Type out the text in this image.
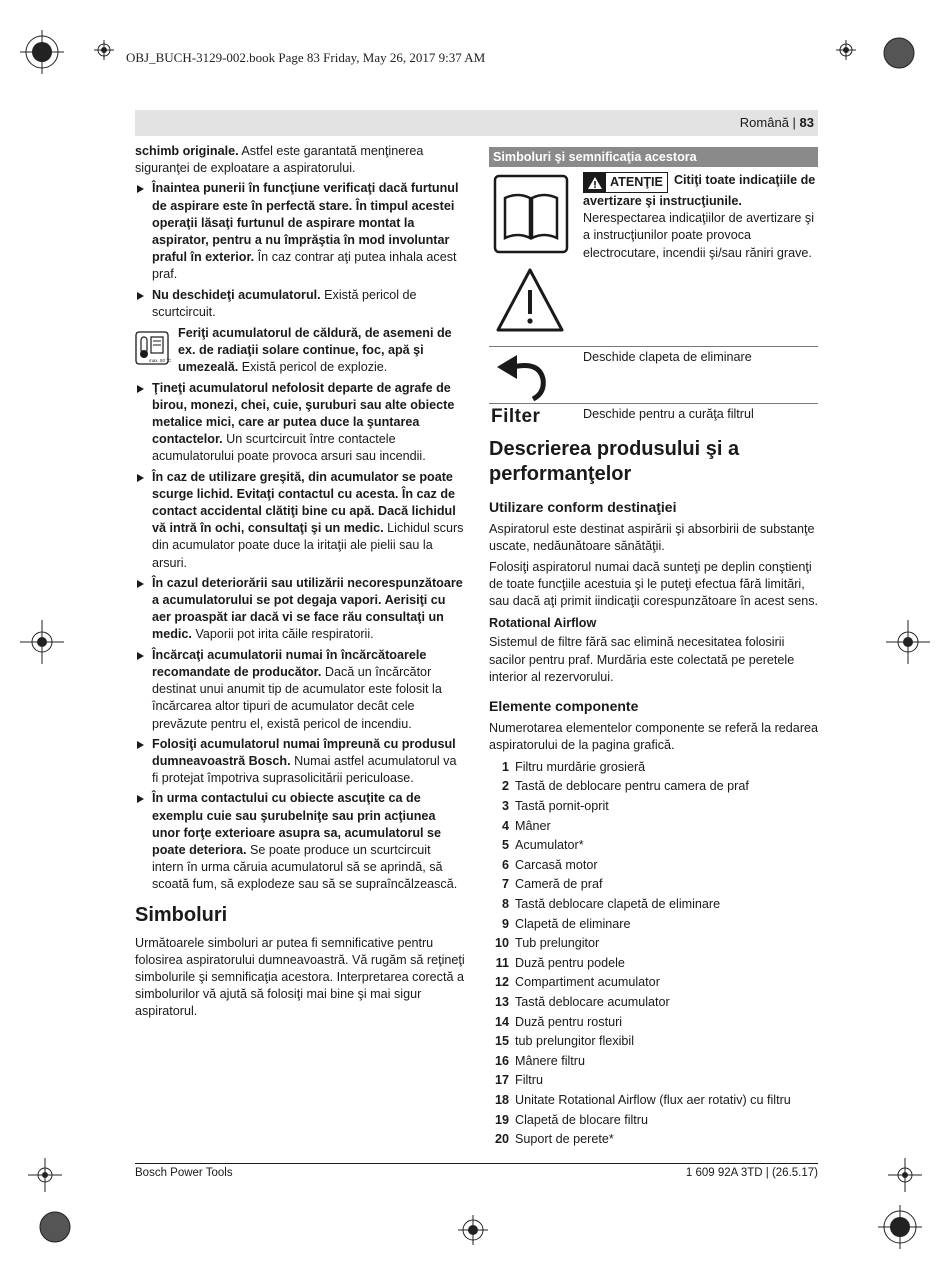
OBJ_BUCH-3129-002.book Page 83 Friday, May 26, 2017 9:37 AM
Română | 83

schimb originale. Astfel este garantată menţinerea siguranţei de exploatare a aspiratorului.

Înaintea punerii în funcţiune verificaţi dacă furtunul de aspirare este în perfectă stare. În timpul acestei operaţii lăsaţi furtunul de aspirare montat la aspirator, pentru a nu împrăştia în mod involuntar praful în exterior. În caz contrar aţi putea inhala acest praf.
Nu deschideţi acumulatorul. Există pericol de scurtcircuit.
max. 50 °C
Feriţi acumulatorul de căldură, de asemeni de ex. de radiaţii solare continue, foc, apă şi umezeală. Există pericol de explozie.
Ţineţi acumulatorul nefolosit departe de agrafe de birou, monezi, chei, cuie, şuruburi sau alte obiecte metalice mici, care ar putea duce la şuntarea contactelor. Un scurtcircuit între contactele acumulatorului poate provoca arsuri sau incendii.
În caz de utilizare greşită, din acumulator se poate scurge lichid. Evitaţi contactul cu acesta. În caz de contact accidental clătiţi bine cu apă. Dacă lichidul vă intră în ochi, consultaţi şi un medic. Lichidul scurs din acumulator poate duce la iritaţii ale pielii sau la arsuri.
În cazul deteriorării sau utilizării necorespunzătoare a acumulatorului se pot degaja vapori. Aerisiţi cu aer proaspăt iar dacă vi se face rău consultaţi un medic. Vaporii pot irita căile respiratorii.
Încărcaţi acumulatorii numai în încărcătoarele recomandate de producător. Dacă un încărcător destinat unui anumit tip de acumulator este folosit la încărcarea altor tipuri de acumulator decât cele prevăzute pentru el, există pericol de incendiu.
Folosiţi acumulatorul numai împreună cu produsul dumneavoastră Bosch. Numai astfel acumulatorul va fi protejat împotriva suprasolicitării periculoase.
În urma contactului cu obiecte ascuţite ca de exemplu cuie sau şurubelniţe sau prin acţiunea unor forţe exterioare asupra sa, acumulatorul se poate deteriora. Se poate produce un scurtcircuit intern în urma căruia acumulatorul să se aprindă, să scoată fum, să explodeze sau să se supraîncălzească.
Simboluri

Următoarele simboluri ar putea fi semnificative pentru folosirea aspiratorului dumneavoastră. Vă rugăm să reţineţi simbolurile şi semnificaţia acestora. Interpretarea corectă a simbolurilor vă ajută să folosiţi mai bine şi mai sigur aspiratorul.

Simboluri şi semnificaţia acestora
ATENŢIE Citiţi toate indicaţiile de avertizare şi instrucţiunile. Nerespectarea indicaţiilor de avertizare şi a instrucţiunilor poate provoca electrocutare, incendii şi/sau răniri grave.
Deschide clapeta de eliminare
Filter	Deschide pentru a curăţa filtrul
Descrierea produsului şi a performanţelor
Utilizare conform destinaţiei

Aspiratorul este destinat aspirării şi absorbirii de substanţe uscate, nedăunătoare sănătăţii.

Folosiţi aspiratorul numai dacă sunteţi pe deplin conştienţi de toate funcţiile acestuia şi le puteţi efectua fără limitări, sau dacă aţi primit iindicaţii corespunzătoare în acest sens.

Rotational Airflow

Sistemul de filtre fără sac elimină necesitatea folosirii sacilor pentru praf. Murdăria este colectată pe peretele interior al rezervorului.

Elemente componente

Numerotarea elementelor componente se referă la redarea aspiratorului de la pagina grafică.

1 Filtru murdărie grosieră
2 Tastă de deblocare pentru camera de praf
3 Tastă pornit-oprit
4 Mâner
5 Acumulator*
6 Carcasă motor
7 Cameră de praf
8 Tastă deblocare clapetă de eliminare
9 Clapetă de eliminare
10 Tub prelungitor
11 Duză pentru podele
12 Compartiment acumulator
13 Tastă deblocare acumulator
14 Duză pentru rosturi
15 tub prelungitor flexibil
16 Mânere filtru
17 Filtru
18 Unitate Rotational Airflow (flux aer rotativ) cu filtru
19 Clapetă de blocare filtru
20 Suport de perete*
Bosch Power Tools	1 609 92A 3TD | (26.5.17)
